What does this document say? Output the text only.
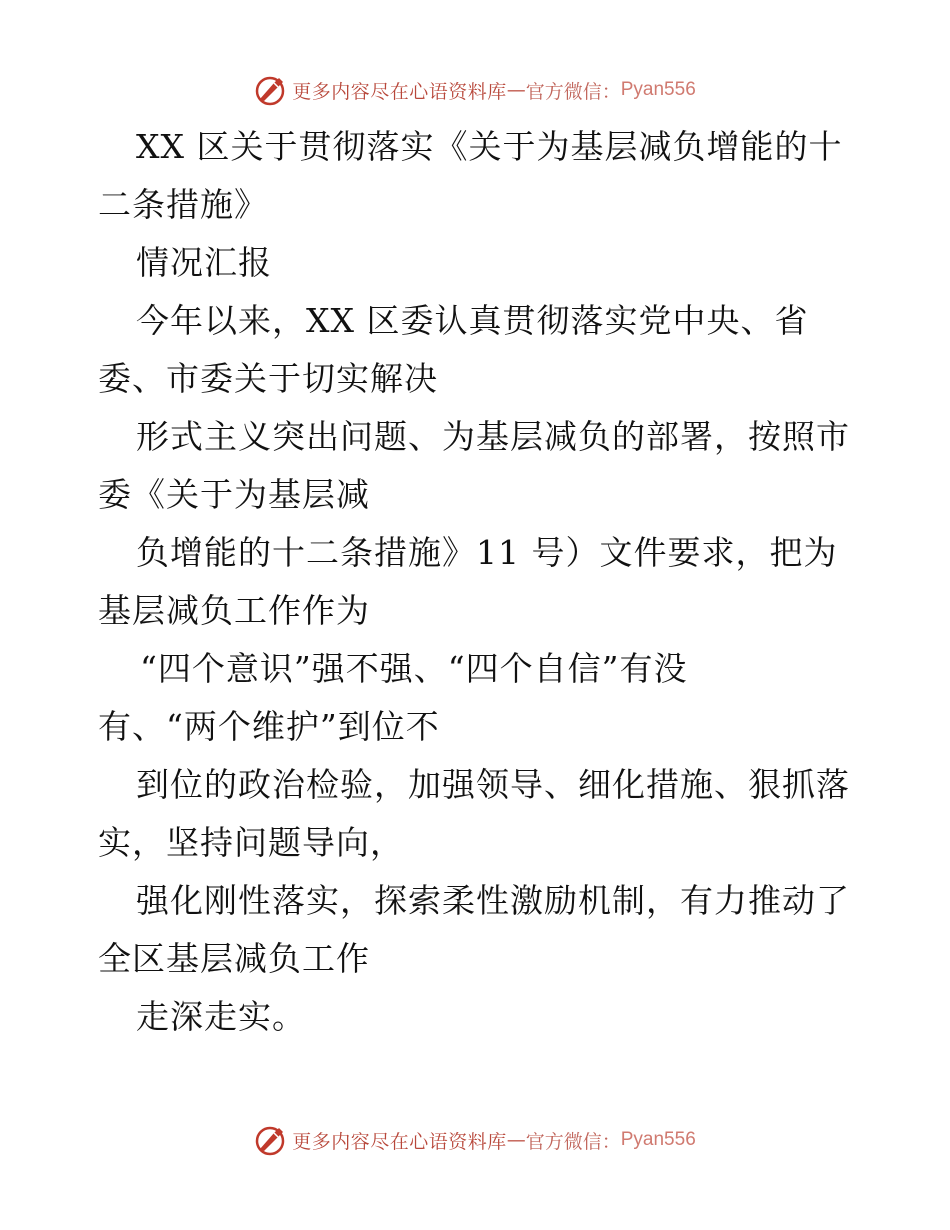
更多内容尽在心语资料库 — 官方微信： Pyan556
XX 区关于贯彻落实《关于为基层减负增能的十
二条措施》
情况汇报
今年以来，XX 区委认真贯彻落实党中央、省
委、市委关于切实解决
形式主义突出问题、为基层减负的部署，按照市
委《关于为基层减
负增能的十二条措施》11 号）文件要求，把为
基层减负工作作为
“四个意识”强不强、“四个自信”有没
有、“两个维护”到位不
到位的政治检验，加强领导、细化措施、狠抓落
实，坚持问题导向，
强化刚性落实，探索柔性激励机制，有力推动了
全区基层减负工作
走深走实。
更多内容尽在心语资料库 — 官方微信： Pyan556
